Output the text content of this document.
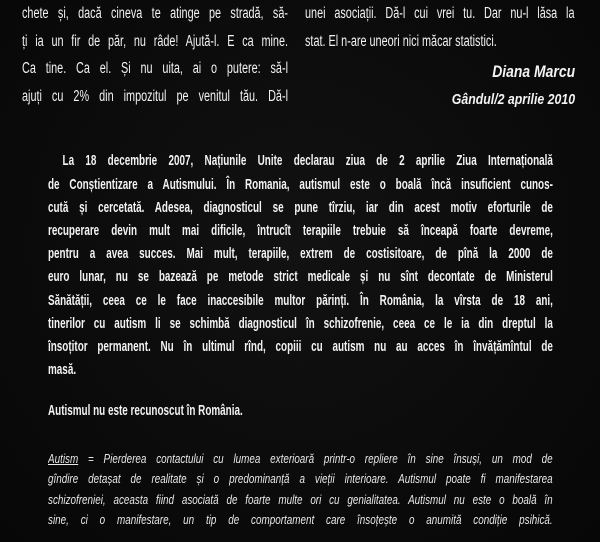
chete și, dacă cineva te atinge pe stradă, să-
ți ia un fir de păr, nu râde! Ajută-l. E ca mine.
Ca tine. Ca el. Și nu uita, ai o putere: să-l
ajuți cu 2% din impozitul pe venitul tău. Dă-l
unei asociații. Dă-l cui vrei tu. Dar nu-l lăsa la
stat. El n-are uneori nici măcar statistici.
Diana Marcu
Gândul/2 aprilie 2010
La 18 decembrie 2007, Națiunile Unite declarau ziua de 2 aprilie Ziua Internațională
de Conștientizare a Autismului. În Romania, autismul este o boală încă insuficient cunos-
cută și cercetată. Adesea, diagnosticul se pune tîrziu, iar din acest motiv eforturile de
recuperare devin mult mai dificile, întrucît terapiile trebuie să înceapă foarte devreme,
pentru a avea succes. Mai mult, terapiile, extrem de costisitoare, de pînă la 2000 de
euro lunar, nu se bazează pe metode strict medicale și nu sînt decontate de Ministerul
Sănătății, ceea ce le face inaccesibile multor părinți. În România, la vîrsta de 18 ani,
tinerilor cu autism li se schimbă diagnosticul în schizofrenie, ceea ce le ia din dreptul la
însoțitor permanent. Nu în ultimul rînd, copiii cu autism nu au acces în învățămîntul de
masă.
Autismul nu este recunoscut în România.
Autism = Pierderea contactului cu lumea exterioară printr-o repliere în sine însuși, un mod de
gîndire detașat de realitate și o predominanță a vieții interioare. Autismul poate fi manifestarea
schizofreniei, aceasta fiind asociată de foarte multe ori cu genialitatea. Autismul nu este o boală în
sine, ci o manifestare, un tip de comportament care însoțește o anumită condiție psihică.
